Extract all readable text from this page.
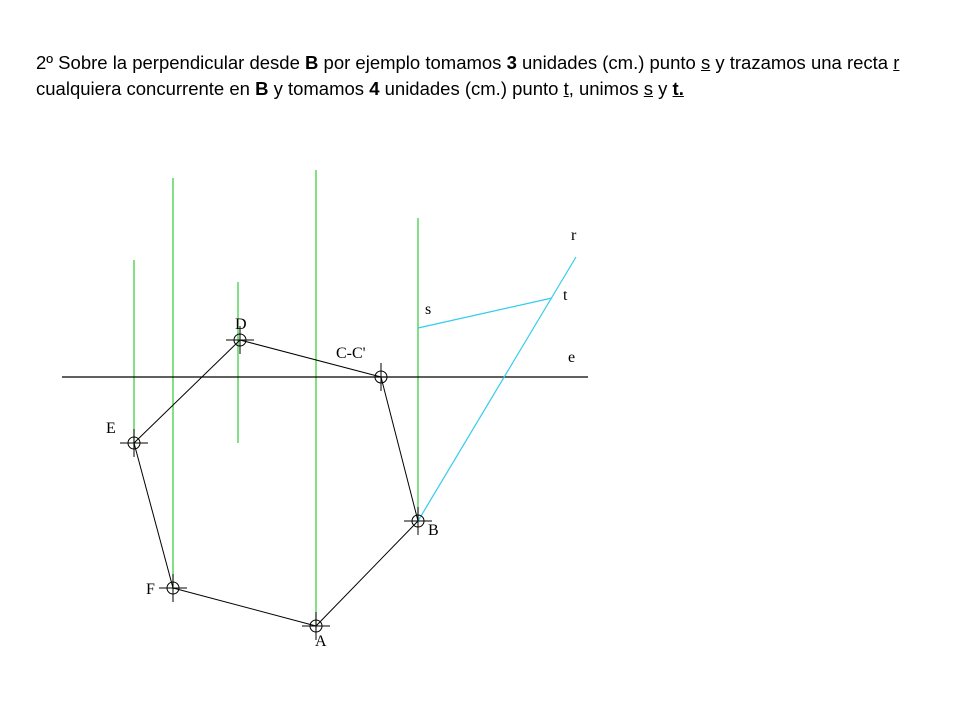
2º Sobre la perpendicular desde B por ejemplo tomamos 3 unidades (cm.) punto s y trazamos una recta r cualquiera concurrente en B y tomamos 4 unidades (cm.) punto t, unimos s y t.

r
t
s
e
D
C-C'
E
B
F
A
